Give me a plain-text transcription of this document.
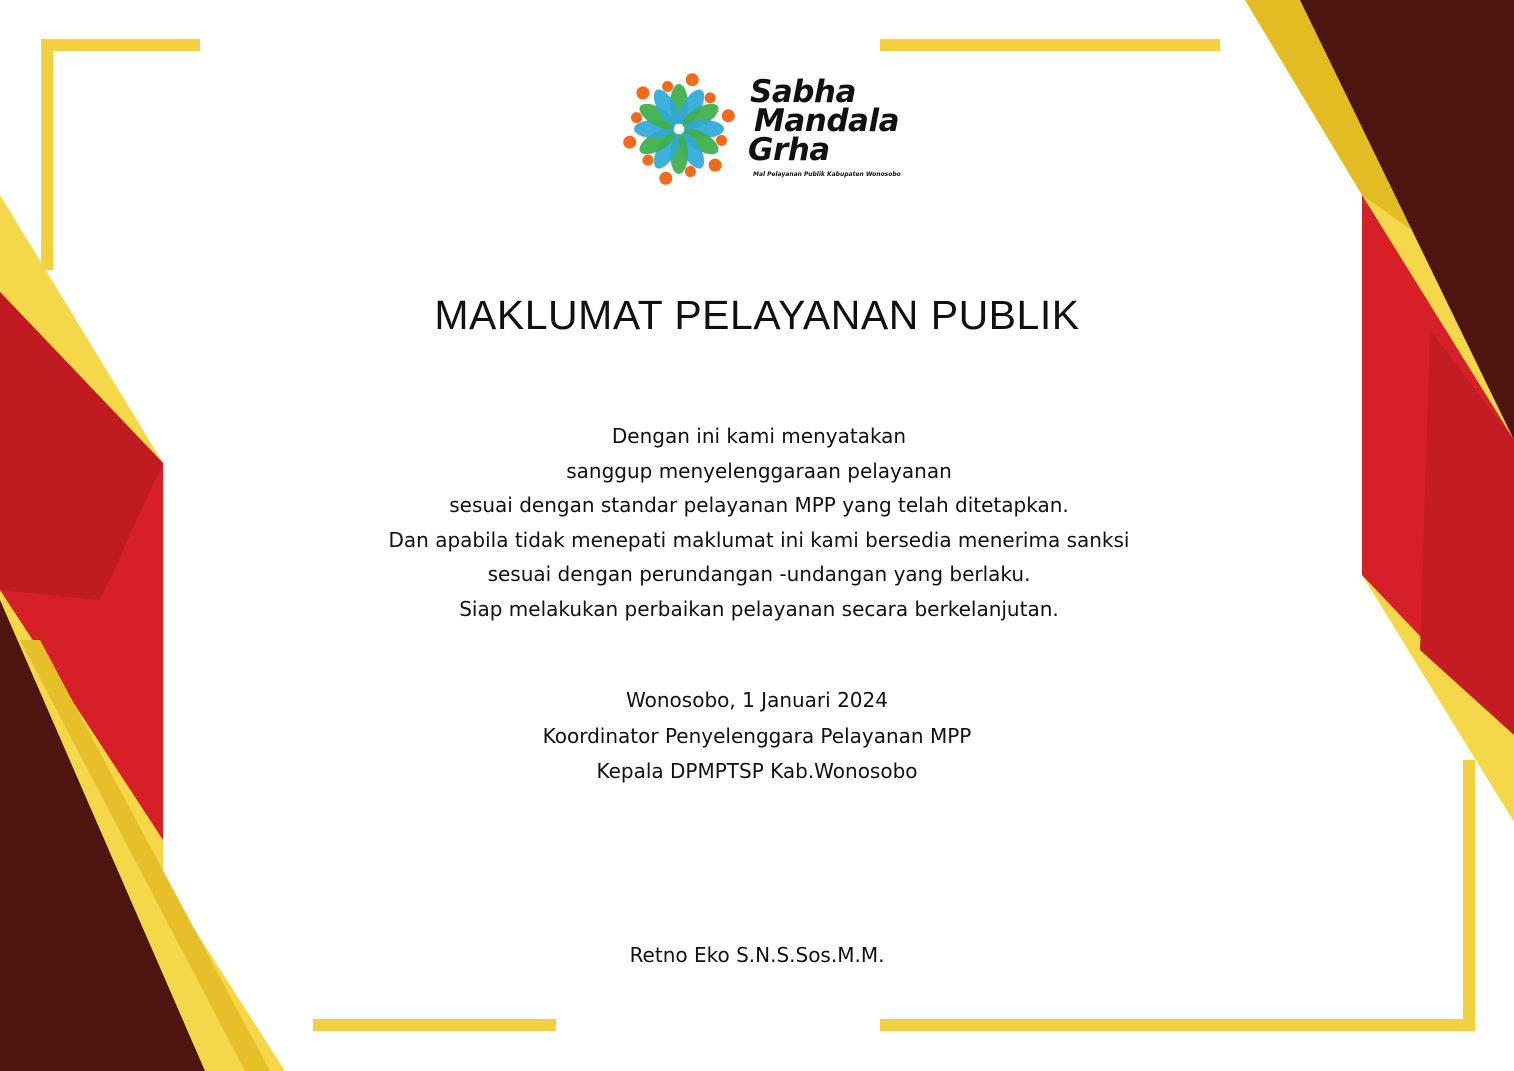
Sabha
Mandala
Grha
Mal Pelayanan Publik Kabupaten Wonosobo
MAKLUMAT PELAYANAN PUBLIK
Dengan ini kami menyatakan
sanggup menyelenggaraan pelayanan
sesuai dengan standar pelayanan MPP yang telah ditetapkan.
Dan apabila tidak menepati maklumat ini kami bersedia menerima sanksi
sesuai dengan perundangan -undangan yang berlaku.
Siap melakukan perbaikan pelayanan secara berkelanjutan.
Wonosobo, 1 Januari 2024
Koordinator Penyelenggara Pelayanan MPP
Kepala DPMPTSP Kab.Wonosobo
Retno Eko S.N.S.Sos.M.M.
